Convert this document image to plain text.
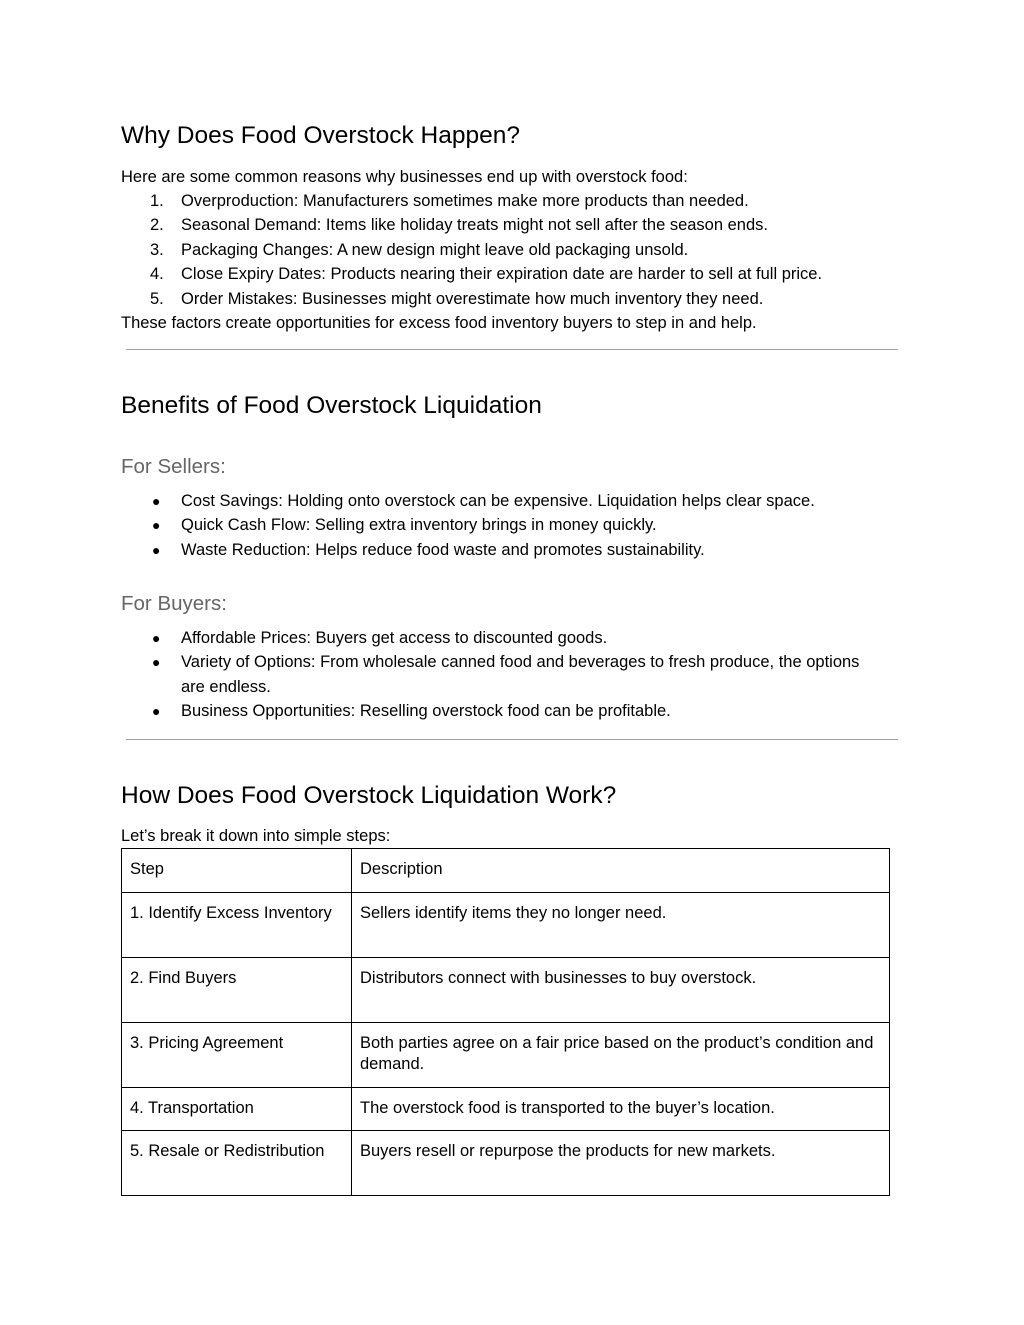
Why Does Food Overstock Happen?

Here are some common reasons why businesses end up with overstock food:

1. Overproduction: Manufacturers sometimes make more products than needed.
2. Seasonal Demand: Items like holiday treats might not sell after the season ends.
3. Packaging Changes: A new design might leave old packaging unsold.
4. Close Expiry Dates: Products nearing their expiration date are harder to sell at full price.
5. Order Mistakes: Businesses might overestimate how much inventory they need.

These factors create opportunities for excess food inventory buyers to step in and help.

Benefits of Food Overstock Liquidation
For Sellers:
● Cost Savings: Holding onto overstock can be expensive. Liquidation helps clear space.
● Quick Cash Flow: Selling extra inventory brings in money quickly.
● Waste Reduction: Helps reduce food waste and promotes sustainability.
For Buyers:
● Affordable Prices: Buyers get access to discounted goods.
● Variety of Options: From wholesale canned food and beverages to fresh produce, the options are endless.
● Business Opportunities: Reselling overstock food can be profitable.
How Does Food Overstock Liquidation Work?

Let’s break it down into simple steps:

Step	Description
1. Identify Excess Inventory	Sellers identify items they no longer need.
2. Find Buyers	Distributors connect with businesses to buy overstock.
3. Pricing Agreement	Both parties agree on a fair price based on the product’s condition and demand.
4. Transportation	The overstock food is transported to the buyer’s location.
5. Resale or Redistribution	Buyers resell or repurpose the products for new markets.
